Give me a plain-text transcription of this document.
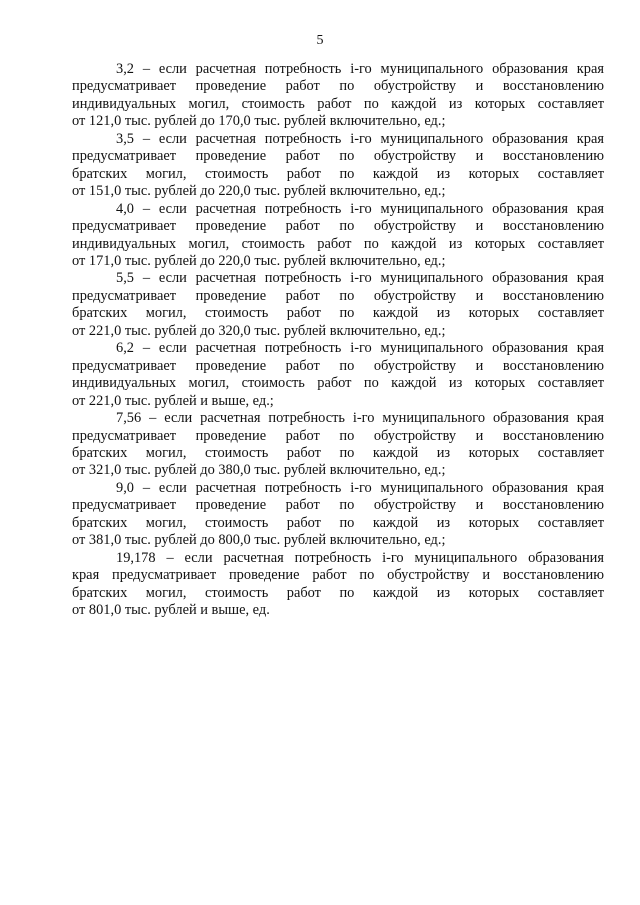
5
3,2 – если расчетная потребность і-го муниципального образования края
предусматривает проведение работ по обустройству и восстановлению
индивидуальных могил, стоимость работ по каждой из которых составляет
от 121,0 тыс. рублей до 170,0 тыс. рублей включительно, ед.;
3,5 – если расчетная потребность і-го муниципального образования края
предусматривает проведение работ по обустройству и восстановлению
братских могил, стоимость работ по каждой из которых составляет
от 151,0 тыс. рублей до 220,0 тыс. рублей включительно, ед.;
4,0 – если расчетная потребность і-го муниципального образования края
предусматривает проведение работ по обустройству и восстановлению
индивидуальных могил, стоимость работ по каждой из которых составляет
от 171,0 тыс. рублей до 220,0 тыс. рублей включительно, ед.;
5,5 – если расчетная потребность і-го муниципального образования края
предусматривает проведение работ по обустройству и восстановлению
братских могил, стоимость работ по каждой из которых составляет
от 221,0 тыс. рублей до 320,0 тыс. рублей включительно, ед.;
6,2 – если расчетная потребность і-го муниципального образования края
предусматривает проведение работ по обустройству и восстановлению
индивидуальных могил, стоимость работ по каждой из которых составляет
от 221,0 тыс. рублей и выше, ед.;
7,56 – если расчетная потребность і-го муниципального образования края
предусматривает проведение работ по обустройству и восстановлению
братских могил, стоимость работ по каждой из которых составляет
от 321,0 тыс. рублей до 380,0 тыс. рублей включительно, ед.;
9,0 – если расчетная потребность і-го муниципального образования края
предусматривает проведение работ по обустройству и восстановлению
братских могил, стоимость работ по каждой из которых составляет
от 381,0 тыс. рублей до 800,0 тыс. рублей включительно, ед.;
19,178 – если расчетная потребность і-го муниципального образования
края предусматривает проведение работ по обустройству и восстановлению
братских могил, стоимость работ по каждой из которых составляет
от 801,0 тыс. рублей и выше, ед.
